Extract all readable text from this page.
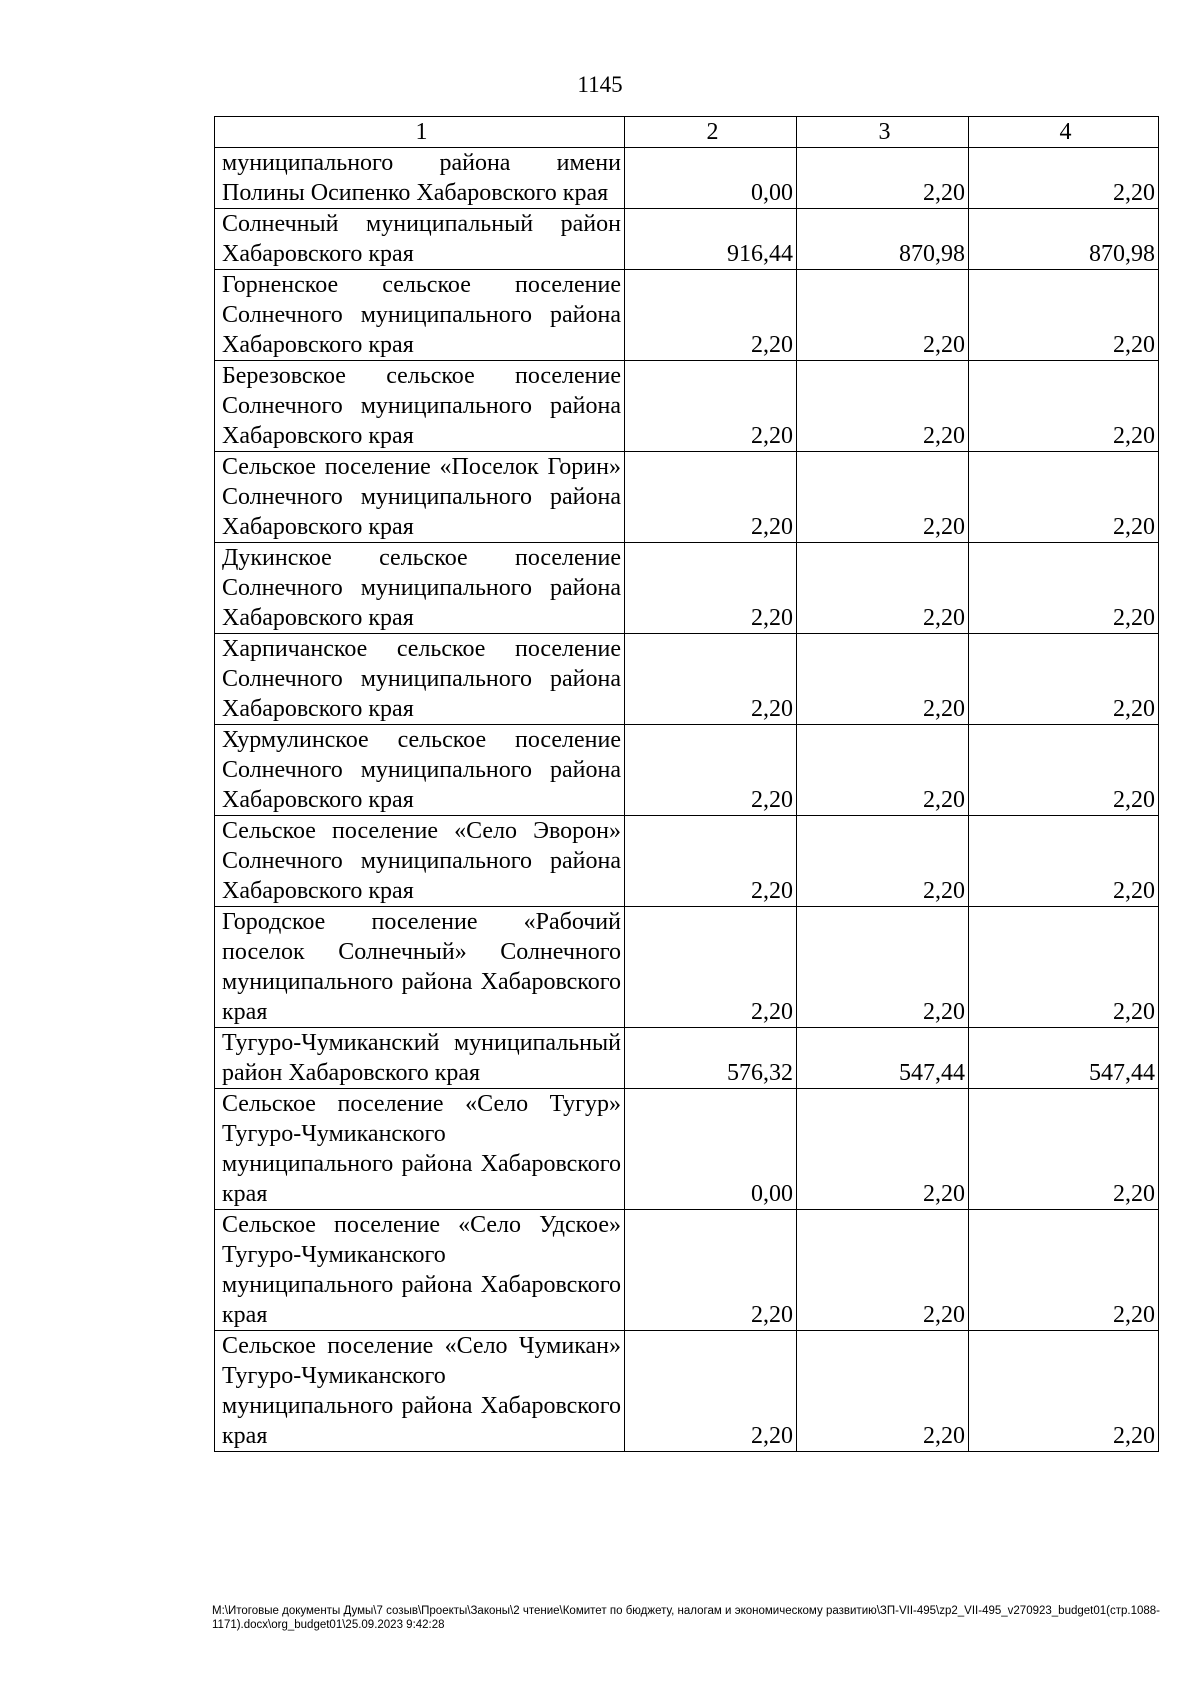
1145
1	2	3	4
муниципального района имени Полины Осипенко Хабаровского края	0,00	2,20	2,20
Солнечный муниципальный район Хабаровского края	916,44	870,98	870,98
Горненское сельское поселение Солнечного муниципального района Хабаровского края	2,20	2,20	2,20
Березовское сельское поселение Солнечного муниципального района Хабаровского края	2,20	2,20	2,20
Сельское поселение «Поселок Горин» Солнечного муниципального района Хабаровского края	2,20	2,20	2,20
Дукинское сельское поселение Солнечного муниципального района Хабаровского края	2,20	2,20	2,20
Харпичанское сельское поселение Солнечного муниципального района Хабаровского края	2,20	2,20	2,20
Хурмулинское сельское поселение Солнечного муниципального района Хабаровского края	2,20	2,20	2,20
Сельское поселение «Село Эворон» Солнечного муниципального района Хабаровского края	2,20	2,20	2,20
Городское поселение «Рабочий поселок Солнечный» Солнечного муниципального района Хабаровского края	2,20	2,20	2,20
Тугуро-Чумиканский муниципальный район Хабаровского края	576,32	547,44	547,44
Сельское поселение «Село Тугур» Тугуро-Чумиканского муниципального района Хабаровского края	0,00	2,20	2,20
Сельское поселение «Село Удское» Тугуро-Чумиканского муниципального района Хабаровского края	2,20	2,20	2,20
Сельское поселение «Село Чумикан» Тугуро-Чумиканского муниципального района Хабаровского края	2,20	2,20	2,20
M:\Итоговые документы Думы\7 созыв\Проекты\Законы\2 чтение\Комитет по бюджету, налогам и экономическому развитию\ЗП-VII-495\zp2_VII-495_v270923_budget01(стр.1088-1171).docx\org_budget01\25.09.2023 9:42:28
